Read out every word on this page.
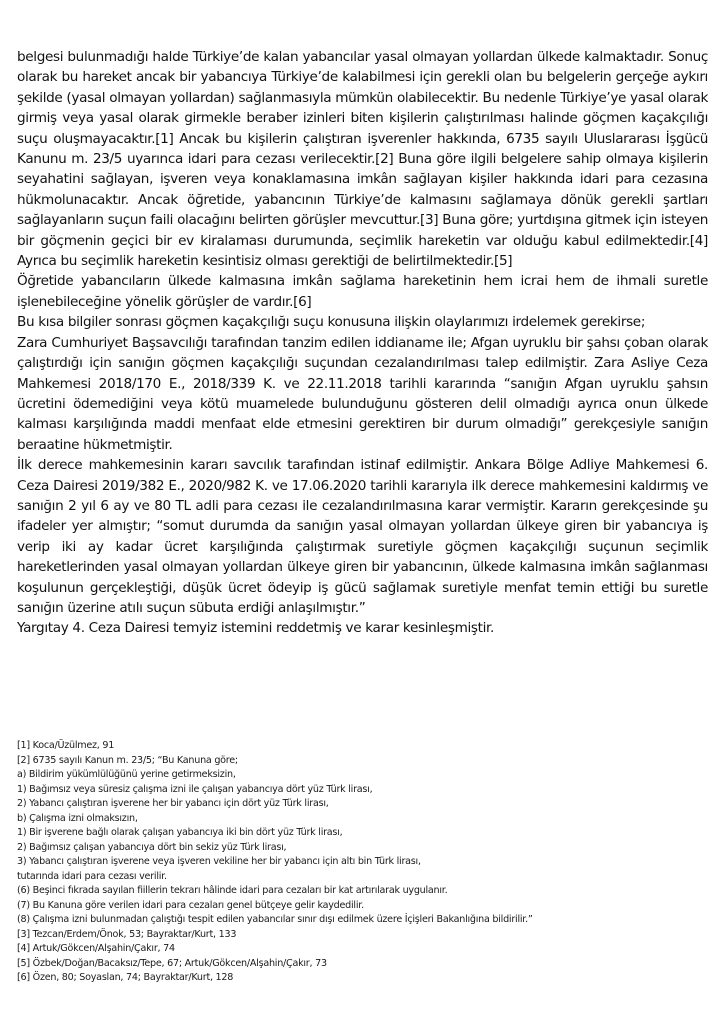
belgesi bulunmadığı halde Türkiye’de kalan yabancılar yasal olmayan yollardan ülkede kalmaktadır. Sonuç olarak bu hareket ancak bir yabancıya Türkiye’de kalabilmesi için gerekli olan bu belgelerin gerçeğe aykırı şekilde (yasal olmayan yollardan) sağlanmasıyla mümkün olabilecektir. Bu nedenle Türkiye’ye yasal olarak girmiş veya yasal olarak girmekle beraber izinleri biten kişilerin çalıştırılması halinde göçmen kaçakçılığı suçu oluşmayacaktır.[1] Ancak bu kişilerin çalıştıran işverenler hakkında, 6735 sayılı Uluslararası İşgücü Kanunu m. 23/5 uyarınca idari para cezası verilecektir.[2] Buna göre ilgili belgelere sahip olmaya kişilerin seyahatini sağlayan, işveren veya konaklamasına imkân sağlayan kişiler hakkında idari para cezasına hükmolunacaktır. Ancak öğretide, yabancının Türkiye’de kalmasını sağlamaya dönük gerekli şartları sağlayanların suçun faili olacağını belirten görüşler mevcuttur.[3] Buna göre; yurtdışına gitmek için isteyen bir göçmenin geçici bir ev kiralaması durumunda, seçimlik hareketin var olduğu kabul edilmektedir.[4] Ayrıca bu seçimlik hareketin kesintisiz olması gerektiği de belirtilmektedir.[5]

Öğretide yabancıların ülkede kalmasına imkân sağlama hareketinin hem icrai hem de ihmali suretle işlenebileceğine yönelik görüşler de vardır.[6]

Bu kısa bilgiler sonrası göçmen kaçakçılığı suçu konusuna ilişkin olaylarımızı irdelemek gerekirse;

Zara Cumhuriyet Başsavcılığı tarafından tanzim edilen iddianame ile; Afgan uyruklu bir şahsı çoban olarak çalıştırdığı için sanığın göçmen kaçakçılığı suçundan cezalandırılması talep edilmiştir. Zara Asliye Ceza Mahkemesi 2018/170 E., 2018/339 K. ve 22.11.2018 tarihli kararında “sanığın Afgan uyruklu şahsın ücretini ödemediğini veya kötü muamelede bulunduğunu gösteren delil olmadığı ayrıca onun ülkede kalması karşılığında maddi menfaat elde etmesini gerektiren bir durum olmadığı” gerekçesiyle sanığın beraatine hükmetmiştir.

İlk derece mahkemesinin kararı savcılık tarafından istinaf edilmiştir. Ankara Bölge Adliye Mahkemesi 6. Ceza Dairesi 2019/382 E., 2020/982 K. ve 17.06.2020 tarihli kararıyla ilk derece mahkemesini kaldırmış ve sanığın 2 yıl 6 ay ve 80 TL adli para cezası ile cezalandırılmasına karar vermiştir. Kararın gerekçesinde şu ifadeler yer almıştır; “somut durumda da sanığın yasal olmayan yollardan ülkeye giren bir yabancıya iş verip iki ay kadar ücret karşılığında çalıştırmak suretiyle göçmen kaçakçılığı suçunun seçimlik hareketlerinden yasal olmayan yollardan ülkeye giren bir yabancının, ülkede kalmasına imkân sağlanması koşulunun gerçekleştiği, düşük ücret ödeyip iş gücü sağlamak suretiyle menfat temin ettiği bu suretle sanığın üzerine atılı suçun sübuta erdiği anlaşılmıştır.”

Yargıtay 4. Ceza Dairesi temyiz istemini reddetmiş ve karar kesinleşmiştir.

[1] Koca/Üzülmez, 91
[2] 6735 sayılı Kanun m. 23/5; “Bu Kanuna göre;
a) Bildirim yükümlülüğünü yerine getirmeksizin,
1) Bağımsız veya süresiz çalışma izni ile çalışan yabancıya dört yüz Türk lirası,
2) Yabancı çalıştıran işverene her bir yabancı için dört yüz Türk lirası,
b) Çalışma izni olmaksızın,
1) Bir işverene bağlı olarak çalışan yabancıya iki bin dört yüz Türk lirası,
2) Bağımsız çalışan yabancıya dört bin sekiz yüz Türk lirası,
3) Yabancı çalıştıran işverene veya işveren vekiline her bir yabancı için altı bin Türk lirası,
tutarında idari para cezası verilir.
(6) Beşinci fıkrada sayılan fiillerin tekrarı hâlinde idari para cezaları bir kat artırılarak uygulanır.
(7) Bu Kanuna göre verilen idari para cezaları genel bütçeye gelir kaydedilir.
(8) Çalışma izni bulunmadan çalıştığı tespit edilen yabancılar sınır dışı edilmek üzere İçişleri Bakanlığına bildirilir.”
[3] Tezcan/Erdem/Önok, 53; Bayraktar/Kurt, 133
[4] Artuk/Gökcen/Alşahin/Çakır, 74
[5] Özbek/Doğan/Bacaksız/Tepe, 67; Artuk/Gökcen/Alşahin/Çakır, 73
[6] Özen, 80; Soyaslan, 74; Bayraktar/Kurt, 128
